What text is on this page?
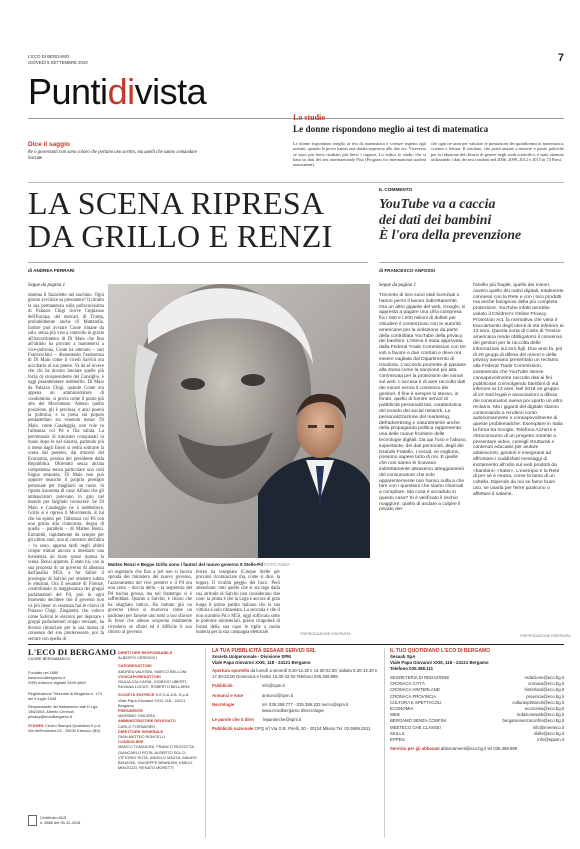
L'ECO DI BERGAMO
GIOVEDÌ 5 SETTEMBRE 2019	7
Puntidivista
Dice il saggio
Re o governanti non sono coloro che portano uno scettro, ma quelli che sanno comandare
Socrate
Lo studio
Le donne rispondono meglio ai test di matematica
Le donne rispondono meglio ai test di matematica e scienze rispetto agli uomini, quando le prove hanno una durata superiore alle due ore. Viceversa se sono più brevi risultato più brevi i ragazzi. Lo indica lo studio che si basa su dati dei test internazionale Pisa (Program for international student assessment),
che ogni tre anni per valutare le prestazioni dei quindicenni in matematica, scienze e lettura. Il risultato, che potrà aiutare a mettere a punto politiche per la riduzione del divario di genere negli studi scientifici, è stato ottenuto utilizzando i dati dei test condotti nel 2006, 2009, 2012 e 2015 in 74 Paesi.
LA SCENA RIPRESA
DA GRILLO E RENZI
di ANDREA FERRARI
Segue da pagina 1
sistema il fazzoletto nel taschino. Ogni giorno avvilisce sa presumere? Il ritratto la sua permanenza sulla poltroncissima di Palazzo Chigi riceve l'applauso dell'Europa, dei mercati, di Trump, probabilmente anche di Mattarella. Inoltre può avviare Conte rimane da solo, senza più viso a controllo in grazie all'tracorrimento di Di Maio che fino all'ultimo ha provato a mantenersi a vice-poltrona, Conte ha ottenuto – vari Franceschini – dissentendo l'assistenza di Di Maio come il vicedi Salvini ora accollarlo al suo potere. Va da sé invece che chi ha dovuto lasciare quelle più forza di vicepresidente del Consiglio, è oggi pesantemente indebolito. Di Maio da Palazzo Chigi, quando Conte era appena un amministratore di condominio, si prova come il punto più alto del Movimento. Adesso quello posizione, gli è preclusa, e anzi poserà la poltrona, e la presa sul popolo pentastellato sta venendo meno: Di Maio, come Casaleggio, non vole va l'alleanza col Pd e l'ha subita. La percentuale di ministeri conquistati in mano dopo le nel sinistra, partendo più o meno dagli Esteri si vedrà sottrarre la scena dal premier, dai ministri del Economia, persino dei presidente della Repubblica. Oltretutto senza alcuna competenza senza particolare una cioli lingua straniera, Di Maio non può opporre neanche il proprio prestigio personale per ritagliarsi un ruolo. Si riporta insomma di casa: Alfano che gli ambasciatori potevano in giro nel mondo per farglielo conoscere. Se Di Maio e Casaleggio ne à indebolisce, Grillo si è ripreso il Movimento. E lui che ha spinto per l'alleanza col Pd con una grinta alla clamorosa, degna di quella – parallela – di Matteo Renzi. Entrambi, rapidamente da sempre per gli ultimi anni, uno al contrario dell'altra – lo sono, appena tardi negli ultimi cinque minuti ancora a intestarsi una insistenza un buon senso ripresa la scena. Renzi appunto. È stato lui, con la sua proposta di un governo di alleanza dall'analisi M5S, a far fallire il prosieguo di Salvini per ottenere subito le elezioni. Ora il senatore di Firenze, controllando la maggioranza dei gruppi parlamentari del Pd, può in ogni momento decidere che il governo non va più bene: in sostanza hai le chiavi di Palazzo Chigi. Zingaretti, che volevo come Salvini le elezioni per depurare i gruppi parlamentari troppo renziani, ha dovuto rinunciare per la sua mossa di consenso del suo predecessore, poi fa serrare con quella di
Matteo Renzi e Beppe Grillo sono i fautori del nuovo governo 5 Stelle-Pd FOTO ANSA
un segretario che fino a ieri non si faceva sponda del ministero del nuovo governo, l'azzeramento del vice premier e il Pd ora una certa – doccia della – la segreteria del Pd rischia grossa, ma nel frattempo si è raffreddata. Quanto a Salvini, è chiaro che ha sbagliato tattica. Ha buttato giù un governo (dove si muoveva come un padrone) per farsene uno tutto a suo sfavore di forze che adesso scoprono totalmente ricredono se sfiniti ed è difficile il suo ritorno al governo
ferreo ha insegnato (Cinque Stelle per provarsi ricominciare ma, come si dice, la toppa). Il rivalità peggio del buco. Però attenzione: tutti quello che si sta lega dalla sua atritudo di Salvini non considerano due cose: la prima è che la Lega è ancora di gran lunga il primo partito italiano che la sua vittoria è solo rimandata. La seconda è che il non scambio Pd o M5S, oggi soffocata sotto le poltrone ministeriali, presto ricapolerà di forma della sua capo le tiglie a molta materia per la sua campagna elettorale.	©RIPRODUZIONE RISERVATA
IL COMMENTO
YouTube va a caccia
dei dati dei bambini
È l'ora della prevenzione
di FRANCESCO ANFOSSI
Segue da pagina 1
Trecento di loro sono stati licenziati o hanno perso il lavoro indirettamente. Ora un altro gigante del web, Google, si appresta a pagare una cifra compresa fra i 150 e i 200 milioni di dollari per chiudere il contenzioso con le autorità americane per la violazione da parte della controllata YouTube della privacy dei bambini. L'intesa è stata approvata dalla Federal Trade Commission con tre voti a favore e due contrari e deve ora essere vagliata dal Dipartimento di Giustizia. L'accordo promette di passare alla storia come la sanzione più alta comminata per la protezione dei minori sul web. L'accusa è di aver raccolto dati dei minori senza il consenso dei genitori. Il fine è sempre lo stesso, in fondo, quello di fornire servizi di pubblicità personalizzati, caratteristica del mondo dei social network. La personalizzazione del marketing, dell'advertising e naturalmente anche della propaganda politica rappresenta una delle nuove frontiere delle tecnologie digitali. Da qui l'uso e l'abuso, inquietante, dei dati personali, degli dei Grande Fratello. I social, ve vogliono, possono sapere tutto di noi. E quelle che non sanno le ricavano indirettamente attraverso atteggiamenti del consumatore che solo apparentemente non hanno nulla a che fare con i questioni che siamo chiamati a compilare. Ma cosa è accaduto in questo caso? Si è verificato il rischio maggiore: quello di andare a colpire il privato del-
l'anello più fragile, quello dei minori, ovvero quello dei nativi digitali, totalmente connessi con la Rete e con i loro prodotti ma anche bisognosi della più completa protezione. YouTube infatti avrebbe violato il Children's Online Privacy Protection Act, la normativa che vieta il tracciamento degli utenti di età inferiore ai 13 anni. Questa sorta di Carta di Treviso americana rende obbligatorio il consenso dei genitori per la raccolta delle informazioni sui loro figli. Due anni fa, più di 20 gruppi di difesa dei minori e della privacy avevano presentato un reclamo alla Federal Trade Commission, sostenendo che YouTube stesse consapevolmente raccolto dati ai fini pubblicitari coinvolgendo bambini di età inferiore ai 13 anni. Nel 2018 un gruppo di 23 stati legali e associazioni a difesa dei consumatori aveva poi sporto un altro reclamo. Ma i giganti del digitale stanno cominciando a rendersi conto autonomamente e consapevolmente di queste problematiche. Esemplare in Italia la firma tra Google, Telefono Azzurro e Altroconsumo di un progetto mirante a presentare video, consigli strutturati e contenuti educativi per aiutare adolescenti, genitori e insegnanti ad affrontare i soddisfatti messaggi di incitamento all'odio sul web prodotti da «bambini» «hater». L'esempio e la Rete di per sé è neutra, come la lama di un coltello. Dipende da noi se farne buon uso, se usarla per ferire qualcuno o affettare il salame.
©RIPRODUZIONE RISERVATA
L'ECO DI BERGAMO
CUORE BERGAMASCO
Fondato nel 1880
www.ecodibergamo.it
ISSN edizione digitale 2499-4669
Registrazione Tribunale di Bergamo n. 174 del 9 luglio 1948
Responsabile del trattamento dati D.Lgs. 196/2003: Alberto Ceresoli privacy@ecodibergamo.it
STAMPA Centro Stampa Quotidiani S.p.A. Via dell'Industria 52 - 25030 Erbusco (BS)
Certificato ADS
n. 8586 del 05-12-2018
DIRETTORE RESPONSABILE
ALBERTO CERESOLI
CAPOREDATTORI
ANDREA VALESINI, MARCO BELLONI
VICECAPOREDATTORI
GIULIA CALCAGNI, GIORGIO UBERTI, SILVANA LOCATI, ROBERTO BELLARDI
SOCIETÀ EDITRICE S.E.S.A.A.B. S.p.A. Viale Papa Giovanni XXIII, 118 - 24121 Bergamo
PRESIDENTE
MASSIMO CINCERA
AMMINISTRATORE DELEGATO
CARLO FORNASIER
DIRETTORE GENERALE
GIAN MATTEO RONCELLI
CONSIGLIERI
MARCO TOMASONI, FRANCO PEZZOTTA, GIANCARLO ROTA, ALBERTO DOLCI, VITTORIO ROTA, ANGELO MAZZA, MAURO BENZONI, GIUSEPPE BRANDINI, EMILIO MINGOZZI, RENATO MORETTI
LA TUA PUBBLICITÀ SESAAB SERVIZI SRL
Società Unipersonale - Divisione SPM
Viale Papa Giovanni XXIII, 118 - 24121 Bergamo
Apertura sportello da lunedì a venerdì 8.30-12.30 e 14.30-22.00; sabato 8.30-12.30 e 17.30-22.00 Domenica e festivi 15.30-22.00 Telefono 035.358.888
Pubblicità	info@spm.it
Annunci e Aste	annunci@spm.it
Necrologie	tel. 035.358.777 - 035.386.333 necro@spm.it www.ecodibergamo.it/necrologie
Le parole che ti direi leparoleche@spm.it
Pubblicità nazionale OPQ srl Via G.B. Pirelli, 30 - 20124 Milano Tel. 02.6699.2511
IL TUO QUOTIDIANO L'ECO DI BERGAMO
Sesaab SpA
Viale Papa Giovanni XXIII, 118 - 24121 Bergamo
Telefono 035.386.111
SEGRETERIA DI REDAZIONE	redazione@eco.bg.it
CRONACA CITTÀ	cronaca@eco.bg.it
CRONACA HINTERLAND	hinterland@eco.bg.it
CRONACA PROVINCIA	provincia@eco.bg.it
CULTURA E SPETTACOLI	culturaspettacoli@eco.bg.it
ECONOMIA	economia@eco.bg.it
WEB	redazioneweb@eco.bg.it
BERGAMO SENZA CONFINI	bergamosenzaconfini@eco.bg.it
MEETECO CHE CLASSE!	info@meeteco.it
SKILLS	skills@eco.bg.it
EPPEN	info@eppen.it
Servizio per gli abbonati abbonamenti@eco.bg.it tel 035.358.899
